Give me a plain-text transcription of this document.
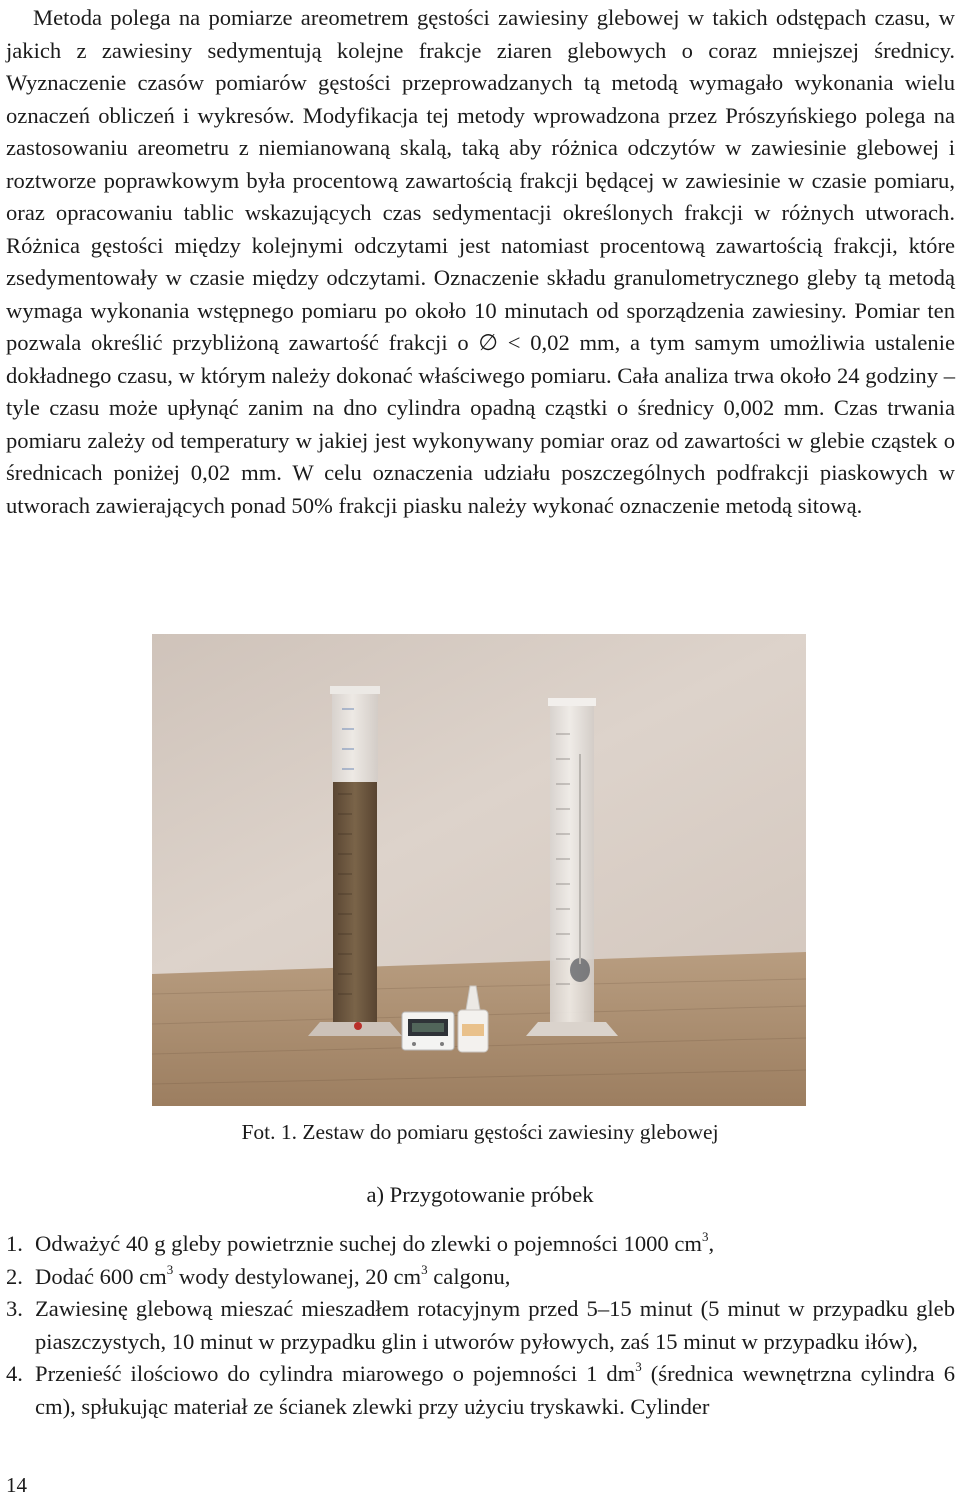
Metoda polega na pomiarze areometrem gęstości zawiesiny glebowej w takich odstępach czasu, w jakich z zawiesiny sedymentują kolejne frakcje ziaren glebowych o coraz mniejszej średnicy. Wyznaczenie czasów pomiarów gęstości przeprowadzanych tą metodą wymagało wykonania wielu oznaczeń obliczeń i wykresów. Modyfikacja tej metody wprowadzona przez Prószyńskiego polega na zastosowaniu areometru z niemianowaną skalą, taką aby różnica odczytów w zawiesinie glebowej i roztworze poprawkowym była procentową zawartością frakcji będącej w zawiesinie w czasie pomiaru, oraz opracowaniu tablic wskazujących czas sedymentacji określonych frakcji w różnych utworach. Różnica gęstości między kolejnymi odczytami jest natomiast procentową zawartością frakcji, które zsedymentowały w czasie między odczytami. Oznaczenie składu granulometrycznego gleby tą metodą wymaga wykonania wstępnego pomiaru po około 10 minutach od sporządzenia zawiesiny. Pomiar ten pozwala określić przybliżoną zawartość frakcji o ∅ < 0,02 mm, a tym samym umożliwia ustalenie dokładnego czasu, w którym należy dokonać właściwego pomiaru. Cała analiza trwa około 24 godziny – tyle czasu może upłynąć zanim na dno cylindra opadną cząstki o średnicy 0,002 mm. Czas trwania pomiaru zależy od temperatury w jakiej jest wykonywany pomiar oraz od zawartości w glebie cząstek o średnicach poniżej 0,02 mm. W celu oznaczenia udziału poszczególnych podfrakcji piaskowych w utworach zawierających ponad 50% frakcji piasku należy wykonać oznaczenie metodą sitową.

Fot. 1. Zestaw do pomiaru gęstości zawiesiny glebowej
a) Przygotowanie próbek
1. Odważyć 40 g gleby powietrznie suchej do zlewki o pojemności 1000 $cm^3$,
2. Dodać 600 $cm^3$ wody destylowanej, 20 $cm^3$ calgonu,
3. Zawiesinę glebową mieszać mieszadłem rotacyjnym przed 5–15 minut (5 minut w przypadku gleb piaszczystych, 10 minut w przypadku glin i utworów pyłowych, zaś 15 minut w przypadku iłów),
4. Przenieść ilościowo do cylindra miarowego o pojemności 1 $dm^3$ (średnica wewnętrzna cylindra 6 cm), spłukując materiał ze ścianek zlewki przy użyciu tryskawki. Cylinder
14
